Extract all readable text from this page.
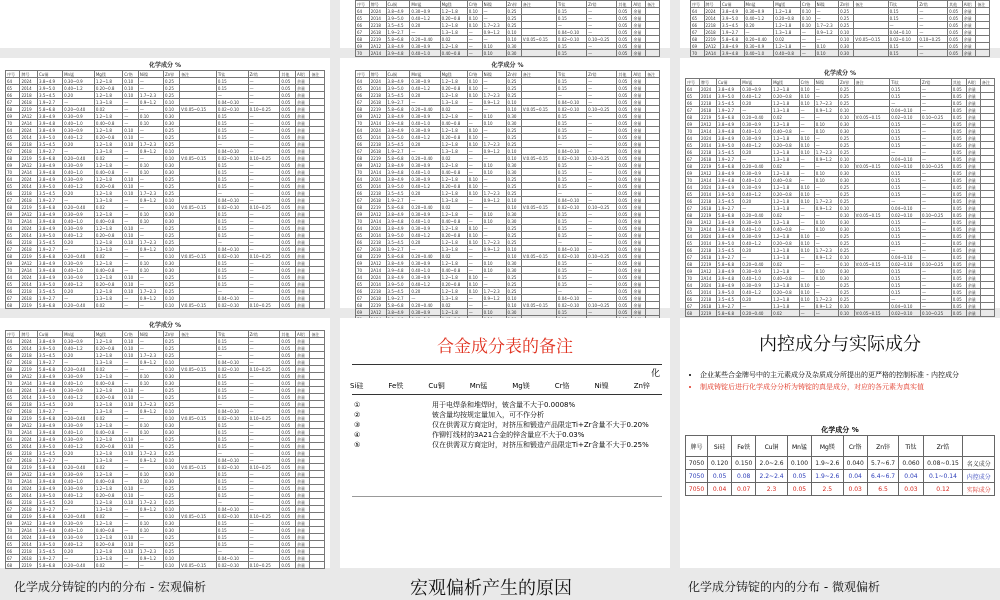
序号	牌号	Cu铜	Mn锰	Mg镁	Cr铬	Ni镍	Zn锌	备注	Ti钛	Zr锆	其他	Al铝	备注
64	2024	3.8~4.9	0.30~0.9	1.2~1.8	0.10	—	0.25		0.15	—	0.05	余量	
65	2014	3.9~5.0	0.40~1.2	0.20~0.8	0.10	—	0.25		0.15	—	0.05	余量	
66	2218	3.5~4.5	0.20	1.2~1.8	0.10	1.7~2.3	0.25		—	—	0.05	余量	
67	2618	1.9~2.7	—	1.3~1.8	—	0.9~1.2	0.10		0.04~0.10	—	0.05	余量	
68	2219	5.8~6.8	0.20~0.40	0.02	—	—	0.10	V:0.05~0.15	0.02~0.10	0.10~0.25	0.05	余量	
69	2A12	3.8~4.9	0.30~0.9	1.2~1.8	—	0.10	0.30		0.15	—	0.05	余量	
70	2A14	3.9~4.8	0.40~1.0	0.40~0.8	—	0.10	0.30		0.15	—	0.05	余量	
序号	牌号	Cu铜	Mn锰	Mg镁	Cr铬	Ni镍	Zn锌	备注	Ti钛	Zr锆	其他	Al铝	备注
64	2024	3.8~4.9	0.30~0.9	1.2~1.8	0.10	—	0.25		0.15	—	0.05	余量	
65	2014	3.9~5.0	0.40~1.2	0.20~0.8	0.10	—	0.25		0.15	—	0.05	余量	
66	2218	3.5~4.5	0.20	1.2~1.8	0.10	1.7~2.3	0.25		—	—	0.05	余量	
67	2618	1.9~2.7	—	1.3~1.8	—	0.9~1.2	0.10		0.04~0.10	—	0.05	余量	
68	2219	5.8~6.8	0.20~0.40	0.02	—	—	0.10	V:0.05~0.15	0.02~0.10	0.10~0.25	0.05	余量	
69	2A12	3.8~4.9	0.30~0.9	1.2~1.8	—	0.10	0.30		0.15	—	0.05	余量	
70	2A14	3.9~4.8	0.40~1.0	0.40~0.8	—	0.10	0.30		0.15	—	0.05	余量	
化学成分 %
序号	牌号	Cu铜	Mn锰	Mg镁	Cr铬	Ni镍	Zn锌	备注	Ti钛	Zr锆	其他	Al铝	备注
64	2024	3.8~4.9	0.30~0.9	1.2~1.8	0.10	—	0.25		0.15	—	0.05	余量	
65	2014	3.9~5.0	0.40~1.2	0.20~0.8	0.10	—	0.25		0.15	—	0.05	余量	
66	2218	3.5~4.5	0.20	1.2~1.8	0.10	1.7~2.3	0.25		—	—	0.05	余量	
67	2618	1.9~2.7	—	1.3~1.8	—	0.9~1.2	0.10		0.04~0.10	—	0.05	余量	
68	2219	5.8~6.8	0.20~0.40	0.02	—	—	0.10	V:0.05~0.15	0.02~0.10	0.10~0.25	0.05	余量	
69	2A12	3.8~4.9	0.30~0.9	1.2~1.8	—	0.10	0.30		0.15	—	0.05	余量	
70	2A14	3.9~4.8	0.40~1.0	0.40~0.8	—	0.10	0.30		0.15	—	0.05	余量	
64	2024	3.8~4.9	0.30~0.9	1.2~1.8	0.10	—	0.25		0.15	—	0.05	余量	
65	2014	3.9~5.0	0.40~1.2	0.20~0.8	0.10	—	0.25		0.15	—	0.05	余量	
66	2218	3.5~4.5	0.20	1.2~1.8	0.10	1.7~2.3	0.25		—	—	0.05	余量	
67	2618	1.9~2.7	—	1.3~1.8	—	0.9~1.2	0.10		0.04~0.10	—	0.05	余量	
68	2219	5.8~6.8	0.20~0.40	0.02	—	—	0.10	V:0.05~0.15	0.02~0.10	0.10~0.25	0.05	余量	
69	2A12	3.8~4.9	0.30~0.9	1.2~1.8	—	0.10	0.30		0.15	—	0.05	余量	
70	2A14	3.9~4.8	0.40~1.0	0.40~0.8	—	0.10	0.30		0.15	—	0.05	余量	
64	2024	3.8~4.9	0.30~0.9	1.2~1.8	0.10	—	0.25		0.15	—	0.05	余量	
65	2014	3.9~5.0	0.40~1.2	0.20~0.8	0.10	—	0.25		0.15	—	0.05	余量	
66	2218	3.5~4.5	0.20	1.2~1.8	0.10	1.7~2.3	0.25		—	—	0.05	余量	
67	2618	1.9~2.7	—	1.3~1.8	—	0.9~1.2	0.10		0.04~0.10	—	0.05	余量	
68	2219	5.8~6.8	0.20~0.40	0.02	—	—	0.10	V:0.05~0.15	0.02~0.10	0.10~0.25	0.05	余量	
69	2A12	3.8~4.9	0.30~0.9	1.2~1.8	—	0.10	0.30		0.15	—	0.05	余量	
70	2A14	3.9~4.8	0.40~1.0	0.40~0.8	—	0.10	0.30		0.15	—	0.05	余量	
64	2024	3.8~4.9	0.30~0.9	1.2~1.8	0.10	—	0.25		0.15	—	0.05	余量	
65	2014	3.9~5.0	0.40~1.2	0.20~0.8	0.10	—	0.25		0.15	—	0.05	余量	
66	2218	3.5~4.5	0.20	1.2~1.8	0.10	1.7~2.3	0.25		—	—	0.05	余量	
67	2618	1.9~2.7	—	1.3~1.8	—	0.9~1.2	0.10		0.04~0.10	—	0.05	余量	
68	2219	5.8~6.8	0.20~0.40	0.02	—	—	0.10	V:0.05~0.15	0.02~0.10	0.10~0.25	0.05	余量	
69	2A12	3.8~4.9	0.30~0.9	1.2~1.8	—	0.10	0.30		0.15	—	0.05	余量	
70	2A14	3.9~4.8	0.40~1.0	0.40~0.8	—	0.10	0.30		0.15	—	0.05	余量	
64	2024	3.8~4.9	0.30~0.9	1.2~1.8	0.10	—	0.25		0.15	—	0.05	余量	
65	2014	3.9~5.0	0.40~1.2	0.20~0.8	0.10	—	0.25		0.15	—	0.05	余量	
66	2218	3.5~4.5	0.20	1.2~1.8	0.10	1.7~2.3	0.25		—	—	0.05	余量	
67	2618	1.9~2.7	—	1.3~1.8	—	0.9~1.2	0.10		0.04~0.10	—	0.05	余量	
68	2219	5.8~6.8	0.20~0.40	0.02	—	—	0.10	V:0.05~0.15	0.02~0.10	0.10~0.25	0.05	余量	
化学成分 %
序号	牌号	Cu铜	Mn锰	Mg镁	Cr铬	Ni镍	Zn锌	备注	Ti钛	Zr锆	其他	Al铝	备注
64	2024	3.8~4.9	0.30~0.9	1.2~1.8	0.10	—	0.25		0.15	—	0.05	余量	
65	2014	3.9~5.0	0.40~1.2	0.20~0.8	0.10	—	0.25		0.15	—	0.05	余量	
66	2218	3.5~4.5	0.20	1.2~1.8	0.10	1.7~2.3	0.25		—	—	0.05	余量	
67	2618	1.9~2.7	—	1.3~1.8	—	0.9~1.2	0.10		0.04~0.10	—	0.05	余量	
68	2219	5.8~6.8	0.20~0.40	0.02	—	—	0.10	V:0.05~0.15	0.02~0.10	0.10~0.25	0.05	余量	
69	2A12	3.8~4.9	0.30~0.9	1.2~1.8	—	0.10	0.30		0.15	—	0.05	余量	
70	2A14	3.9~4.8	0.40~1.0	0.40~0.8	—	0.10	0.30		0.15	—	0.05	余量	
64	2024	3.8~4.9	0.30~0.9	1.2~1.8	0.10	—	0.25		0.15	—	0.05	余量	
65	2014	3.9~5.0	0.40~1.2	0.20~0.8	0.10	—	0.25		0.15	—	0.05	余量	
66	2218	3.5~4.5	0.20	1.2~1.8	0.10	1.7~2.3	0.25		—	—	0.05	余量	
67	2618	1.9~2.7	—	1.3~1.8	—	0.9~1.2	0.10		0.04~0.10	—	0.05	余量	
68	2219	5.8~6.8	0.20~0.40	0.02	—	—	0.10	V:0.05~0.15	0.02~0.10	0.10~0.25	0.05	余量	
69	2A12	3.8~4.9	0.30~0.9	1.2~1.8	—	0.10	0.30		0.15	—	0.05	余量	
70	2A14	3.9~4.8	0.40~1.0	0.40~0.8	—	0.10	0.30		0.15	—	0.05	余量	
64	2024	3.8~4.9	0.30~0.9	1.2~1.8	0.10	—	0.25		0.15	—	0.05	余量	
65	2014	3.9~5.0	0.40~1.2	0.20~0.8	0.10	—	0.25		0.15	—	0.05	余量	
66	2218	3.5~4.5	0.20	1.2~1.8	0.10	1.7~2.3	0.25		—	—	0.05	余量	
67	2618	1.9~2.7	—	1.3~1.8	—	0.9~1.2	0.10		0.04~0.10	—	0.05	余量	
68	2219	5.8~6.8	0.20~0.40	0.02	—	—	0.10	V:0.05~0.15	0.02~0.10	0.10~0.25	0.05	余量	
69	2A12	3.8~4.9	0.30~0.9	1.2~1.8	—	0.10	0.30		0.15	—	0.05	余量	
70	2A14	3.9~4.8	0.40~1.0	0.40~0.8	—	0.10	0.30		0.15	—	0.05	余量	
64	2024	3.8~4.9	0.30~0.9	1.2~1.8	0.10	—	0.25		0.15	—	0.05	余量	
65	2014	3.9~5.0	0.40~1.2	0.20~0.8	0.10	—	0.25		0.15	—	0.05	余量	
66	2218	3.5~4.5	0.20	1.2~1.8	0.10	1.7~2.3	0.25		—	—	0.05	余量	
67	2618	1.9~2.7	—	1.3~1.8	—	0.9~1.2	0.10		0.04~0.10	—	0.05	余量	
68	2219	5.8~6.8	0.20~0.40	0.02	—	—	0.10	V:0.05~0.15	0.02~0.10	0.10~0.25	0.05	余量	
69	2A12	3.8~4.9	0.30~0.9	1.2~1.8	—	0.10	0.30		0.15	—	0.05	余量	
70	2A14	3.9~4.8	0.40~1.0	0.40~0.8	—	0.10	0.30		0.15	—	0.05	余量	
64	2024	3.8~4.9	0.30~0.9	1.2~1.8	0.10	—	0.25		0.15	—	0.05	余量	
65	2014	3.9~5.0	0.40~1.2	0.20~0.8	0.10	—	0.25		0.15	—	0.05	余量	
66	2218	3.5~4.5	0.20	1.2~1.8	0.10	1.7~2.3	0.25		—	—	0.05	余量	
67	2618	1.9~2.7	—	1.3~1.8	—	0.9~1.2	0.10		0.04~0.10	—	0.05	余量	
68	2219	5.8~6.8	0.20~0.40	0.02	—	—	0.10	V:0.05~0.15	0.02~0.10	0.10~0.25	0.05	余量	
69	2A12	3.8~4.9	0.30~0.9	1.2~1.8	—	0.10	0.30		0.15	—	0.05	余量	

化学成分 %
序号	牌号	Cu铜	Mn锰	Mg镁	Cr铬	Ni镍	Zn锌	备注	Ti钛	Zr锆	其他	Al铝	备注
64	2024	3.8~4.9	0.30~0.9	1.2~1.8	0.10	—	0.25		0.15	—	0.05	余量	
65	2014	3.9~5.0	0.40~1.2	0.20~0.8	0.10	—	0.25		0.15	—	0.05	余量	
66	2218	3.5~4.5	0.20	1.2~1.8	0.10	1.7~2.3	0.25		—	—	0.05	余量	
67	2618	1.9~2.7	—	1.3~1.8	—	0.9~1.2	0.10		0.04~0.10	—	0.05	余量	
68	2219	5.8~6.8	0.20~0.40	0.02	—	—	0.10	V:0.05~0.15	0.02~0.10	0.10~0.25	0.05	余量	
69	2A12	3.8~4.9	0.30~0.9	1.2~1.8	—	0.10	0.30		0.15	—	0.05	余量	
70	2A14	3.9~4.8	0.40~1.0	0.40~0.8	—	0.10	0.30		0.15	—	0.05	余量	
64	2024	3.8~4.9	0.30~0.9	1.2~1.8	0.10	—	0.25		0.15	—	0.05	余量	
65	2014	3.9~5.0	0.40~1.2	0.20~0.8	0.10	—	0.25		0.15	—	0.05	余量	
66	2218	3.5~4.5	0.20	1.2~1.8	0.10	1.7~2.3	0.25		—	—	0.05	余量	
67	2618	1.9~2.7	—	1.3~1.8	—	0.9~1.2	0.10		0.04~0.10	—	0.05	余量	
68	2219	5.8~6.8	0.20~0.40	0.02	—	—	0.10	V:0.05~0.15	0.02~0.10	0.10~0.25	0.05	余量	
69	2A12	3.8~4.9	0.30~0.9	1.2~1.8	—	0.10	0.30		0.15	—	0.05	余量	
70	2A14	3.9~4.8	0.40~1.0	0.40~0.8	—	0.10	0.30		0.15	—	0.05	余量	
64	2024	3.8~4.9	0.30~0.9	1.2~1.8	0.10	—	0.25		0.15	—	0.05	余量	
65	2014	3.9~5.0	0.40~1.2	0.20~0.8	0.10	—	0.25		0.15	—	0.05	余量	
66	2218	3.5~4.5	0.20	1.2~1.8	0.10	1.7~2.3	0.25		—	—	0.05	余量	
67	2618	1.9~2.7	—	1.3~1.8	—	0.9~1.2	0.10		0.04~0.10	—	0.05	余量	
68	2219	5.8~6.8	0.20~0.40	0.02	—	—	0.10	V:0.05~0.15	0.02~0.10	0.10~0.25	0.05	余量	
69	2A12	3.8~4.9	0.30~0.9	1.2~1.8	—	0.10	0.30		0.15	—	0.05	余量	
70	2A14	3.9~4.8	0.40~1.0	0.40~0.8	—	0.10	0.30		0.15	—	0.05	余量	
64	2024	3.8~4.9	0.30~0.9	1.2~1.8	0.10	—	0.25		0.15	—	0.05	余量	
65	2014	3.9~5.0	0.40~1.2	0.20~0.8	0.10	—	0.25		0.15	—	0.05	余量	
66	2218	3.5~4.5	0.20	1.2~1.8	0.10	1.7~2.3	0.25		—	—	0.05	余量	
67	2618	1.9~2.7	—	1.3~1.8	—	0.9~1.2	0.10		0.04~0.10	—	0.05	余量	
68	2219	5.8~6.8	0.20~0.40	0.02	—	—	0.10	V:0.05~0.15	0.02~0.10	0.10~0.25	0.05	余量	
69	2A12	3.8~4.9	0.30~0.9	1.2~1.8	—	0.10	0.30		0.15	—	0.05	余量	
70	2A14	3.9~4.8	0.40~1.0	0.40~0.8	—	0.10	0.30		0.15	—	0.05	余量	
64	2024	3.8~4.9	0.30~0.9	1.2~1.8	0.10	—	0.25		0.15	—	0.05	余量	
65	2014	3.9~5.0	0.40~1.2	0.20~0.8	0.10	—	0.25		0.15	—	0.05	余量	
66	2218	3.5~4.5	0.20	1.2~1.8	0.10	1.7~2.3	0.25		—	—	0.05	余量	
67	2618	1.9~2.7	—	1.3~1.8	—	0.9~1.2	0.10		0.04~0.10	—	0.05	余量	
68	2219	5.8~6.8	0.20~0.40	0.02	—	—	0.10	V:0.05~0.15	0.02~0.10	0.10~0.25	0.05	余量	
化学成分 %
序号	牌号	Cu铜	Mn锰	Mg镁	Cr铬	Ni镍	Zn锌	备注	Ti钛	Zr锆	其他	Al铝	备注
64	2024	3.8~4.9	0.30~0.9	1.2~1.8	0.10	—	0.25		0.15	—	0.05	余量	
65	2014	3.9~5.0	0.40~1.2	0.20~0.8	0.10	—	0.25		0.15	—	0.05	余量	
66	2218	3.5~4.5	0.20	1.2~1.8	0.10	1.7~2.3	0.25		—	—	0.05	余量	
67	2618	1.9~2.7	—	1.3~1.8	—	0.9~1.2	0.10		0.04~0.10	—	0.05	余量	
68	2219	5.8~6.8	0.20~0.40	0.02	—	—	0.10	V:0.05~0.15	0.02~0.10	0.10~0.25	0.05	余量	
69	2A12	3.8~4.9	0.30~0.9	1.2~1.8	—	0.10	0.30		0.15	—	0.05	余量	
70	2A14	3.9~4.8	0.40~1.0	0.40~0.8	—	0.10	0.30		0.15	—	0.05	余量	
64	2024	3.8~4.9	0.30~0.9	1.2~1.8	0.10	—	0.25		0.15	—	0.05	余量	
65	2014	3.9~5.0	0.40~1.2	0.20~0.8	0.10	—	0.25		0.15	—	0.05	余量	
66	2218	3.5~4.5	0.20	1.2~1.8	0.10	1.7~2.3	0.25		—	—	0.05	余量	
67	2618	1.9~2.7	—	1.3~1.8	—	0.9~1.2	0.10		0.04~0.10	—	0.05	余量	
68	2219	5.8~6.8	0.20~0.40	0.02	—	—	0.10	V:0.05~0.15	0.02~0.10	0.10~0.25	0.05	余量	
69	2A12	3.8~4.9	0.30~0.9	1.2~1.8	—	0.10	0.30		0.15	—	0.05	余量	
70	2A14	3.9~4.8	0.40~1.0	0.40~0.8	—	0.10	0.30		0.15	—	0.05	余量	
64	2024	3.8~4.9	0.30~0.9	1.2~1.8	0.10	—	0.25		0.15	—	0.05	余量	
65	2014	3.9~5.0	0.40~1.2	0.20~0.8	0.10	—	0.25		0.15	—	0.05	余量	
66	2218	3.5~4.5	0.20	1.2~1.8	0.10	1.7~2.3	0.25		—	—	0.05	余量	
67	2618	1.9~2.7	—	1.3~1.8	—	0.9~1.2	0.10		0.04~0.10	—	0.05	余量	
68	2219	5.8~6.8	0.20~0.40	0.02	—	—	0.10	V:0.05~0.15	0.02~0.10	0.10~0.25	0.05	余量	
69	2A12	3.8~4.9	0.30~0.9	1.2~1.8	—	0.10	0.30		0.15	—	0.05	余量	
70	2A14	3.9~4.8	0.40~1.0	0.40~0.8	—	0.10	0.30		0.15	—	0.05	余量	
64	2024	3.8~4.9	0.30~0.9	1.2~1.8	0.10	—	0.25		0.15	—	0.05	余量	
65	2014	3.9~5.0	0.40~1.2	0.20~0.8	0.10	—	0.25		0.15	—	0.05	余量	
66	2218	3.5~4.5	0.20	1.2~1.8	0.10	1.7~2.3	0.25		—	—	0.05	余量	
67	2618	1.9~2.7	—	1.3~1.8	—	0.9~1.2	0.10		0.04~0.10	—	0.05	余量	
68	2219	5.8~6.8	0.20~0.40	0.02	—	—	0.10	V:0.05~0.15	0.02~0.10	0.10~0.25	0.05	余量	
69	2A12	3.8~4.9	0.30~0.9	1.2~1.8	—	0.10	0.30		0.15	—	0.05	余量	
70	2A14	3.9~4.8	0.40~1.0	0.40~0.8	—	0.10	0.30		0.15	—	0.05	余量	
64	2024	3.8~4.9	0.30~0.9	1.2~1.8	0.10	—	0.25		0.15	—	0.05	余量	
65	2014	3.9~5.0	0.40~1.2	0.20~0.8	0.10	—	0.25		0.15	—	0.05	余量	
66	2218	3.5~4.5	0.20	1.2~1.8	0.10	1.7~2.3	0.25		—	—	0.05	余量	
67	2618	1.9~2.7	—	1.3~1.8	—	0.9~1.2	0.10		0.04~0.10	—	0.05	余量	
68	2219	5.8~6.8	0.20~0.40	0.02	—	—	0.10	V:0.05~0.15	0.02~0.10	0.10~0.25	0.05	余量	
合金成分表的备注
化
Si硅	Fe铁	Cu铜	Mn锰	Mg镁	Cr铬	Ni镍	Zn锌
①	用于电焊条和堆焊时，铍含量不大于0.0008%
②	铍含量均按规定量加入，可不作分析
③	仅在供需双方商定时，对挤压和锻造产品限定Ti+Zr含量不大于0.20%
④	作铆钉线材的3A21合金的锌含量应不大于0.03%
⑤	仅在供需双方商定时，对挤压和锻造产品限定Ti+Zr含量不大于0.25%
内控成分与实际成分
• 企业某些合金牌号中的主元素成分及杂质成分所提出的更严格的控制标准 - 内控成分
• 制成铸锭后进行化学成分分析为铸锭的真是成分，对应的各元素为真实值
化学成分 %
牌号	Si硅	Fe铁	Cu铜	Mn锰	Mg镁	Cr铬	Zn锌	Ti钛	Zr锆	
7050	0.120	0.150	2.0~2.6	0.100	1.9~2.6	0.040	5.7~6.7	0.060	0.08~0.15	名义成分
7050	0.05	0.08	2.2~2.4	0.05	1.9~2.6	0.04	6.4~6.7	0.04	0.1~0.14	内控成分
7050	0.04	0.07	2.3	0.05	2.5	0.03	6.5	0.03	0.12	实际成分
化学成分铸锭的内的分布 - 宏观偏析	宏观偏析产生的原因	化学成分铸锭的内的分布 - 微观偏析
